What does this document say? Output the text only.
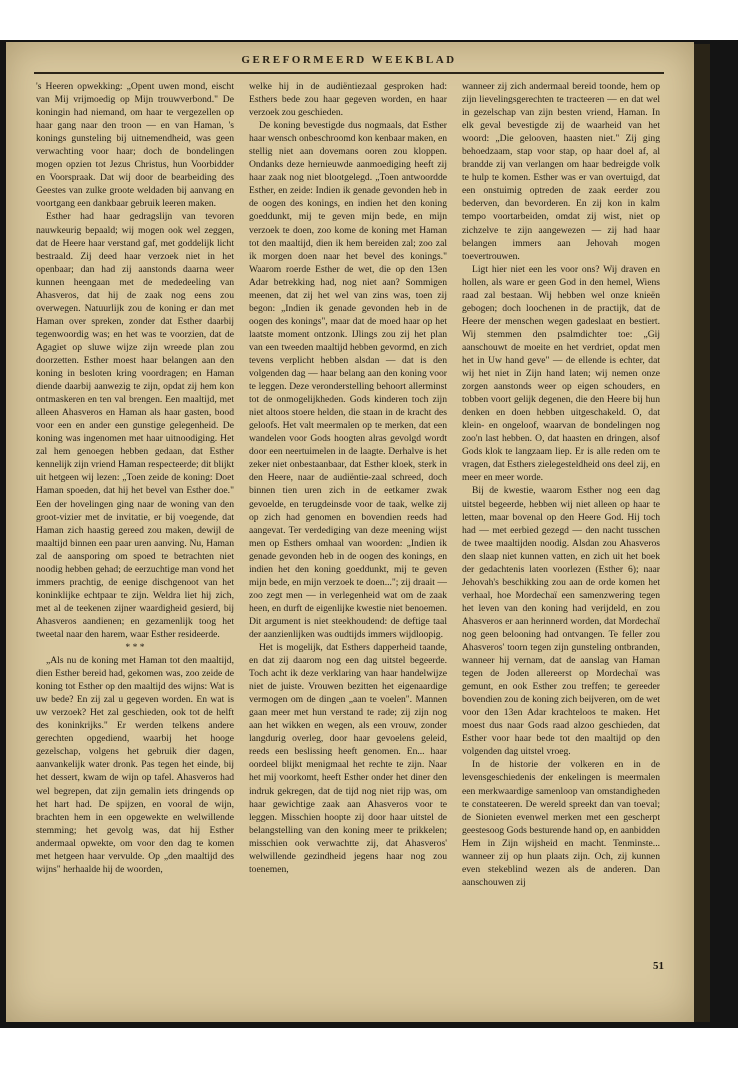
GEREFORMEERD WEEKBLAD

's Heeren opwekking: „Opent uwen mond, eischt van Mij vrijmoedig op Mijn trouwverbond." De koningin had niemand, om haar te vergezellen op haar gang naar den troon — en van Haman, 's konings gunsteling bij uitnemendheid, was geen verwachting voor haar; doch de bondelingen mogen opzien tot Jezus Christus, hun Voorbidder en Voorspraak. Dat wij door de bearbeiding des Geestes van zulke groote weldaden bij aanvang en voortgang een dankbaar gebruik leeren maken.

Esther had haar gedragslijn van tevoren nauwkeurig bepaald; wij mogen ook wel zeggen, dat de Heere haar verstand gaf, met goddelijk licht bestraald. Zij deed haar verzoek niet in het openbaar; dan had zij aanstonds daarna weer kunnen heengaan met de mededeeling van Ahasveros, dat hij de zaak nog eens zou overwegen. Natuurlijk zou de koning er dan met Haman over spreken, zonder dat Esther daarbij tegenwoordig was; en het was te voorzien, dat de Agagiet op sluwe wijze zijn wreede plan zou doorzetten. Esther moest haar belangen aan den koning in besloten kring voordragen; en Haman diende daarbij aanwezig te zijn, opdat zij hem kon ontmaskeren en ten val brengen. Een maaltijd, met alleen Ahasveros en Haman als haar gasten, bood voor een en ander een gunstige gelegenheid. De koning was ingenomen met haar uitnoodiging. Het zal hem genoegen hebben gedaan, dat Esther kennelijk zijn vriend Haman respecteerde; dit blijkt uit hetgeen wij lezen: „Toen zeide de koning: Doet Haman spoeden, dat hij het bevel van Esther doe." Een der hovelingen ging naar de woning van den groot-vizier met de invitatie, er bij voegende, dat Haman zich haastig gereed zou maken, dewijl de maaltijd binnen een paar uren aanving. Nu, Haman zal de aansporing om spoed te betrachten niet noodig hebben gehad; de eerzuchtige man vond het immers prachtig, de eenige dischgenoot van het koninklijke echtpaar te zijn. Weldra liet hij zich, met al de teekenen zijner waardigheid gesierd, bij Ahasveros aandienen; en gezamenlijk toog het tweetal naar den harem, waar Esther resideerde.

* * *

„Als nu de koning met Haman tot den maaltijd, dien Esther bereid had, gekomen was, zoo zeide de koning tot Esther op den maaltijd des wijns: Wat is uw bede? En zij zal u gegeven worden. En wat is uw verzoek? Het zal geschieden, ook tot de helft des koninkrijks." Er werden telkens andere gerechten opgediend, waarbij het hooge gezelschap, volgens het gebruik dier dagen, aanvankelijk water dronk. Pas tegen het einde, bij het dessert, kwam de wijn op tafel. Ahasveros had wel begrepen, dat zijn gemalin iets dringends op het hart had. De spijzen, en vooral de wijn, brachten hem in een opgewekte en welwillende stemming; het gevolg was, dat hij Esther andermaal opwekte, om voor den dag te komen met hetgeen haar vervulde. Op „den maaltijd des wijns" herhaalde hij de woorden,

welke hij in de audiëntiezaal gesproken had: Esthers bede zou haar gegeven worden, en haar verzoek zou geschieden.

De koning bevestigde dus nogmaals, dat Esther haar wensch onbeschroomd kon kenbaar maken, en stellig niet aan dovemans ooren zou kloppen. Ondanks deze hernieuwde aanmoediging heeft zij haar zaak nog niet blootgelegd. „Toen antwoordde Esther, en zeide: Indien ik genade gevonden heb in de oogen des konings, en indien het den koning goeddunkt, mij te geven mijn bede, en mijn verzoek te doen, zoo kome de koning met Haman tot den maaltijd, dien ik hem bereiden zal; zoo zal ik morgen doen naar het bevel des konings." Waarom roerde Esther de wet, die op den 13en Adar betrekking had, nog niet aan? Sommigen meenen, dat zij het wel van zins was, toen zij begon: „Indien ik genade gevonden heb in de oogen des konings", maar dat de moed haar op het laatste moment ontzonk. IJlings zou zij het plan van een tweeden maaltijd hebben gevormd, en zich tevens verplicht hebben alsdan — dat is den volgenden dag — haar belang aan den koning voor te leggen. Deze veronderstelling behoort allerminst tot de onmogelijkheden. Gods kinderen toch zijn niet altoos stoere helden, die staan in de kracht des geloofs. Het valt meermalen op te merken, dat een wandelen voor Gods hoogten alras gevolgd wordt door een neertuimelen in de laagte. Derhalve is het zeker niet onbestaanbaar, dat Esther kloek, sterk in den Heere, naar de audiëntie-zaal schreed, doch binnen tien uren zich in de eetkamer zwak gevoelde, en terugdeinsde voor de taak, welke zij op zich had genomen en bovendien reeds had aangevat. Ter verdediging van deze meening wijst men op Esthers omhaal van woorden: „Indien ik genade gevonden heb in de oogen des konings, en indien het den koning goeddunkt, mij te geven mijn bede, en mijn verzoek te doen..."; zij draait — zoo zegt men — in verlegenheid wat om de zaak heen, en durft de eigenlijke kwestie niet benoemen. Dit argument is niet steekhoudend: de deftige taal der aanzienlijken was oudtijds immers wijdloopig.

Het is mogelijk, dat Esthers dapperheid taande, en dat zij daarom nog een dag uitstel begeerde. Toch acht ik deze verklaring van haar handelwijze niet de juiste. Vrouwen bezitten het eigenaardige vermogen om de dingen „aan te voelen". Mannen gaan meer met hun verstand te rade; zij zijn nog aan het wikken en wegen, als een vrouw, zonder langdurig overleg, door haar gevoelens geleid, reeds een beslissing heeft genomen. En... haar oordeel blijkt menigmaal het rechte te zijn. Naar het mij voorkomt, heeft Esther onder het diner den indruk gekregen, dat de tijd nog niet rijp was, om haar gewichtige zaak aan Ahasveros voor te leggen. Misschien hoopte zij door haar uitstel de belangstelling van den koning meer te prikkelen; misschien ook verwachtte zij, dat Ahasveros' welwillende gezindheid jegens haar nog zou toenemen,

wanneer zij zich andermaal bereid toonde, hem op zijn lievelingsgerechten te tracteeren — en dat wel in gezelschap van zijn besten vriend, Haman. In elk geval bevestigde zij de waarheid van het woord: „Die gelooven, haasten niet." Zij ging behoedzaam, stap voor stap, op haar doel af, al brandde zij van verlangen om haar bedreigde volk te hulp te komen. Esther was er van overtuigd, dat een onstuimig optreden de zaak eerder zou bederven, dan bevorderen. En zij kon in kalm tempo voortarbeiden, omdat zij wist, niet op zichzelve te zijn aangewezen — zij had haar belangen immers aan Jehovah mogen toevertrouwen.

Ligt hier niet een les voor ons? Wij draven en hollen, als ware er geen God in den hemel, Wiens raad zal bestaan. Wij hebben wel onze knieën gebogen; doch loochenen in de practijk, dat de Heere der menschen wegen gadeslaat en bestiert. Wij stemmen den psalmdichter toe: „Gij aanschouwt de moeite en het verdriet, opdat men het in Uw hand geve" — de ellende is echter, dat wij het niet in Zijn hand laten; wij nemen onze zorgen aanstonds weer op eigen schouders, en tobben voort gelijk degenen, die den Heere bij hun denken en doen hebben uitgeschakeld. O, dat klein- en ongeloof, waarvan de bondelingen nog zoo'n last hebben. O, dat haasten en dringen, alsof Gods klok te langzaam liep. Er is alle reden om te vragen, dat Esthers zielegesteldheid ons deel zij, en meer en meer worde.

Bij de kwestie, waarom Esther nog een dag uitstel begeerde, hebben wij niet alleen op haar te letten, maar bovenal op den Heere God. Hij toch had — met eerbied gezegd — den nacht tusschen de twee maaltijden noodig. Alsdan zou Ahasveros den slaap niet kunnen vatten, en zich uit het boek der gedachtenis laten voorlezen (Esther 6); naar Jehovah's beschikking zou aan de orde komen het verhaal, hoe Mordechaï een samenzwering tegen het leven van den koning had verijdeld, en zou Ahasveros er aan herinnerd worden, dat Mordechaï nog geen belooning had ontvangen. Te feller zou Ahasveros' toorn tegen zijn gunsteling ontbranden, wanneer hij vernam, dat de aanslag van Haman tegen de Joden allereerst op Mordechaï was gemunt, en ook Esther zou treffen; te gereeder bovendien zou de koning zich beijveren, om de wet voor den 13en Adar krachteloos te maken. Het moest dus naar Gods raad alzoo geschieden, dat Esther voor haar bede tot den maaltijd op den volgenden dag uitstel vroeg.

In de historie der volkeren en in de levensgeschiedenis der enkelingen is meermalen een merkwaardige samenloop van omstandigheden te constateeren. De wereld spreekt dan van toeval; de Sionieten evenwel merken met een gescherpt geestesoog Gods besturende hand op, en aanbidden Hem in Zijn wijsheid en macht. Tenminste... wanneer zij op hun plaats zijn. Och, zij kunnen even stekeblind wezen als de anderen. Dan aanschouwen zij

51
